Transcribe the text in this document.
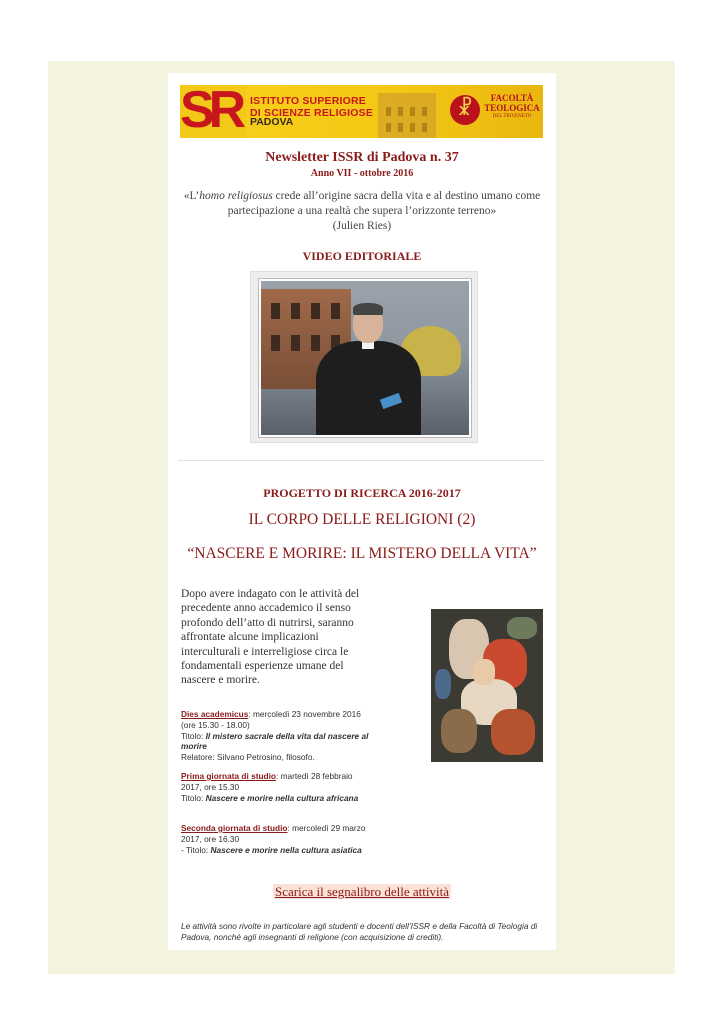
SR ISTITUTO SUPERIORE
DI SCIENZE RELIGIOSE
PADOVA
☧	FACOLTÀ
TEOLOGICA
DEL TRIVENETO
Newsletter ISSR di Padova n. 37
Anno VII - ottobre 2016
«L’homo religiosus crede all’origine sacra della vita e al destino umano come partecipazione a una realtà che supera l’orizzonte terreno»
(Julien Ries)
VIDEO EDITORIALE
PROGETTO DI RICERCA 2016-2017
IL CORPO DELLE RELIGIONI (2)
“NASCERE E MORIRE: IL MISTERO DELLA VITA”
Dopo avere indagato con le attività del precedente anno accademico il senso profondo dell’atto di nutrirsi, saranno affrontate alcune implicazioni interculturali e interreligiose circa le fondamentali esperienze umane del nascere e morire.
Dies academicus: mercoledì 23 novembre 2016 (ore 15.30 - 18.00)
Titolo: Il mistero sacrale della vita dal nascere al morire
Relatore: Silvano Petrosino, filosofo.
Prima giornata di studio: martedì 28 febbraio 2017, ore 15.30
Titolo: Nascere e morire nella cultura africana
Seconda giornata di studio: mercoledì 29 marzo 2017, ore 16.30
- Titolo: Nascere e morire nella cultura asiatica
Scarica il segnalibro delle attività
Le attività sono rivolte in particolare agli studenti e docenti dell’ISSR e della Facoltà di Teologia di Padova, nonché agli insegnanti di religione (con acquisizione di crediti).
